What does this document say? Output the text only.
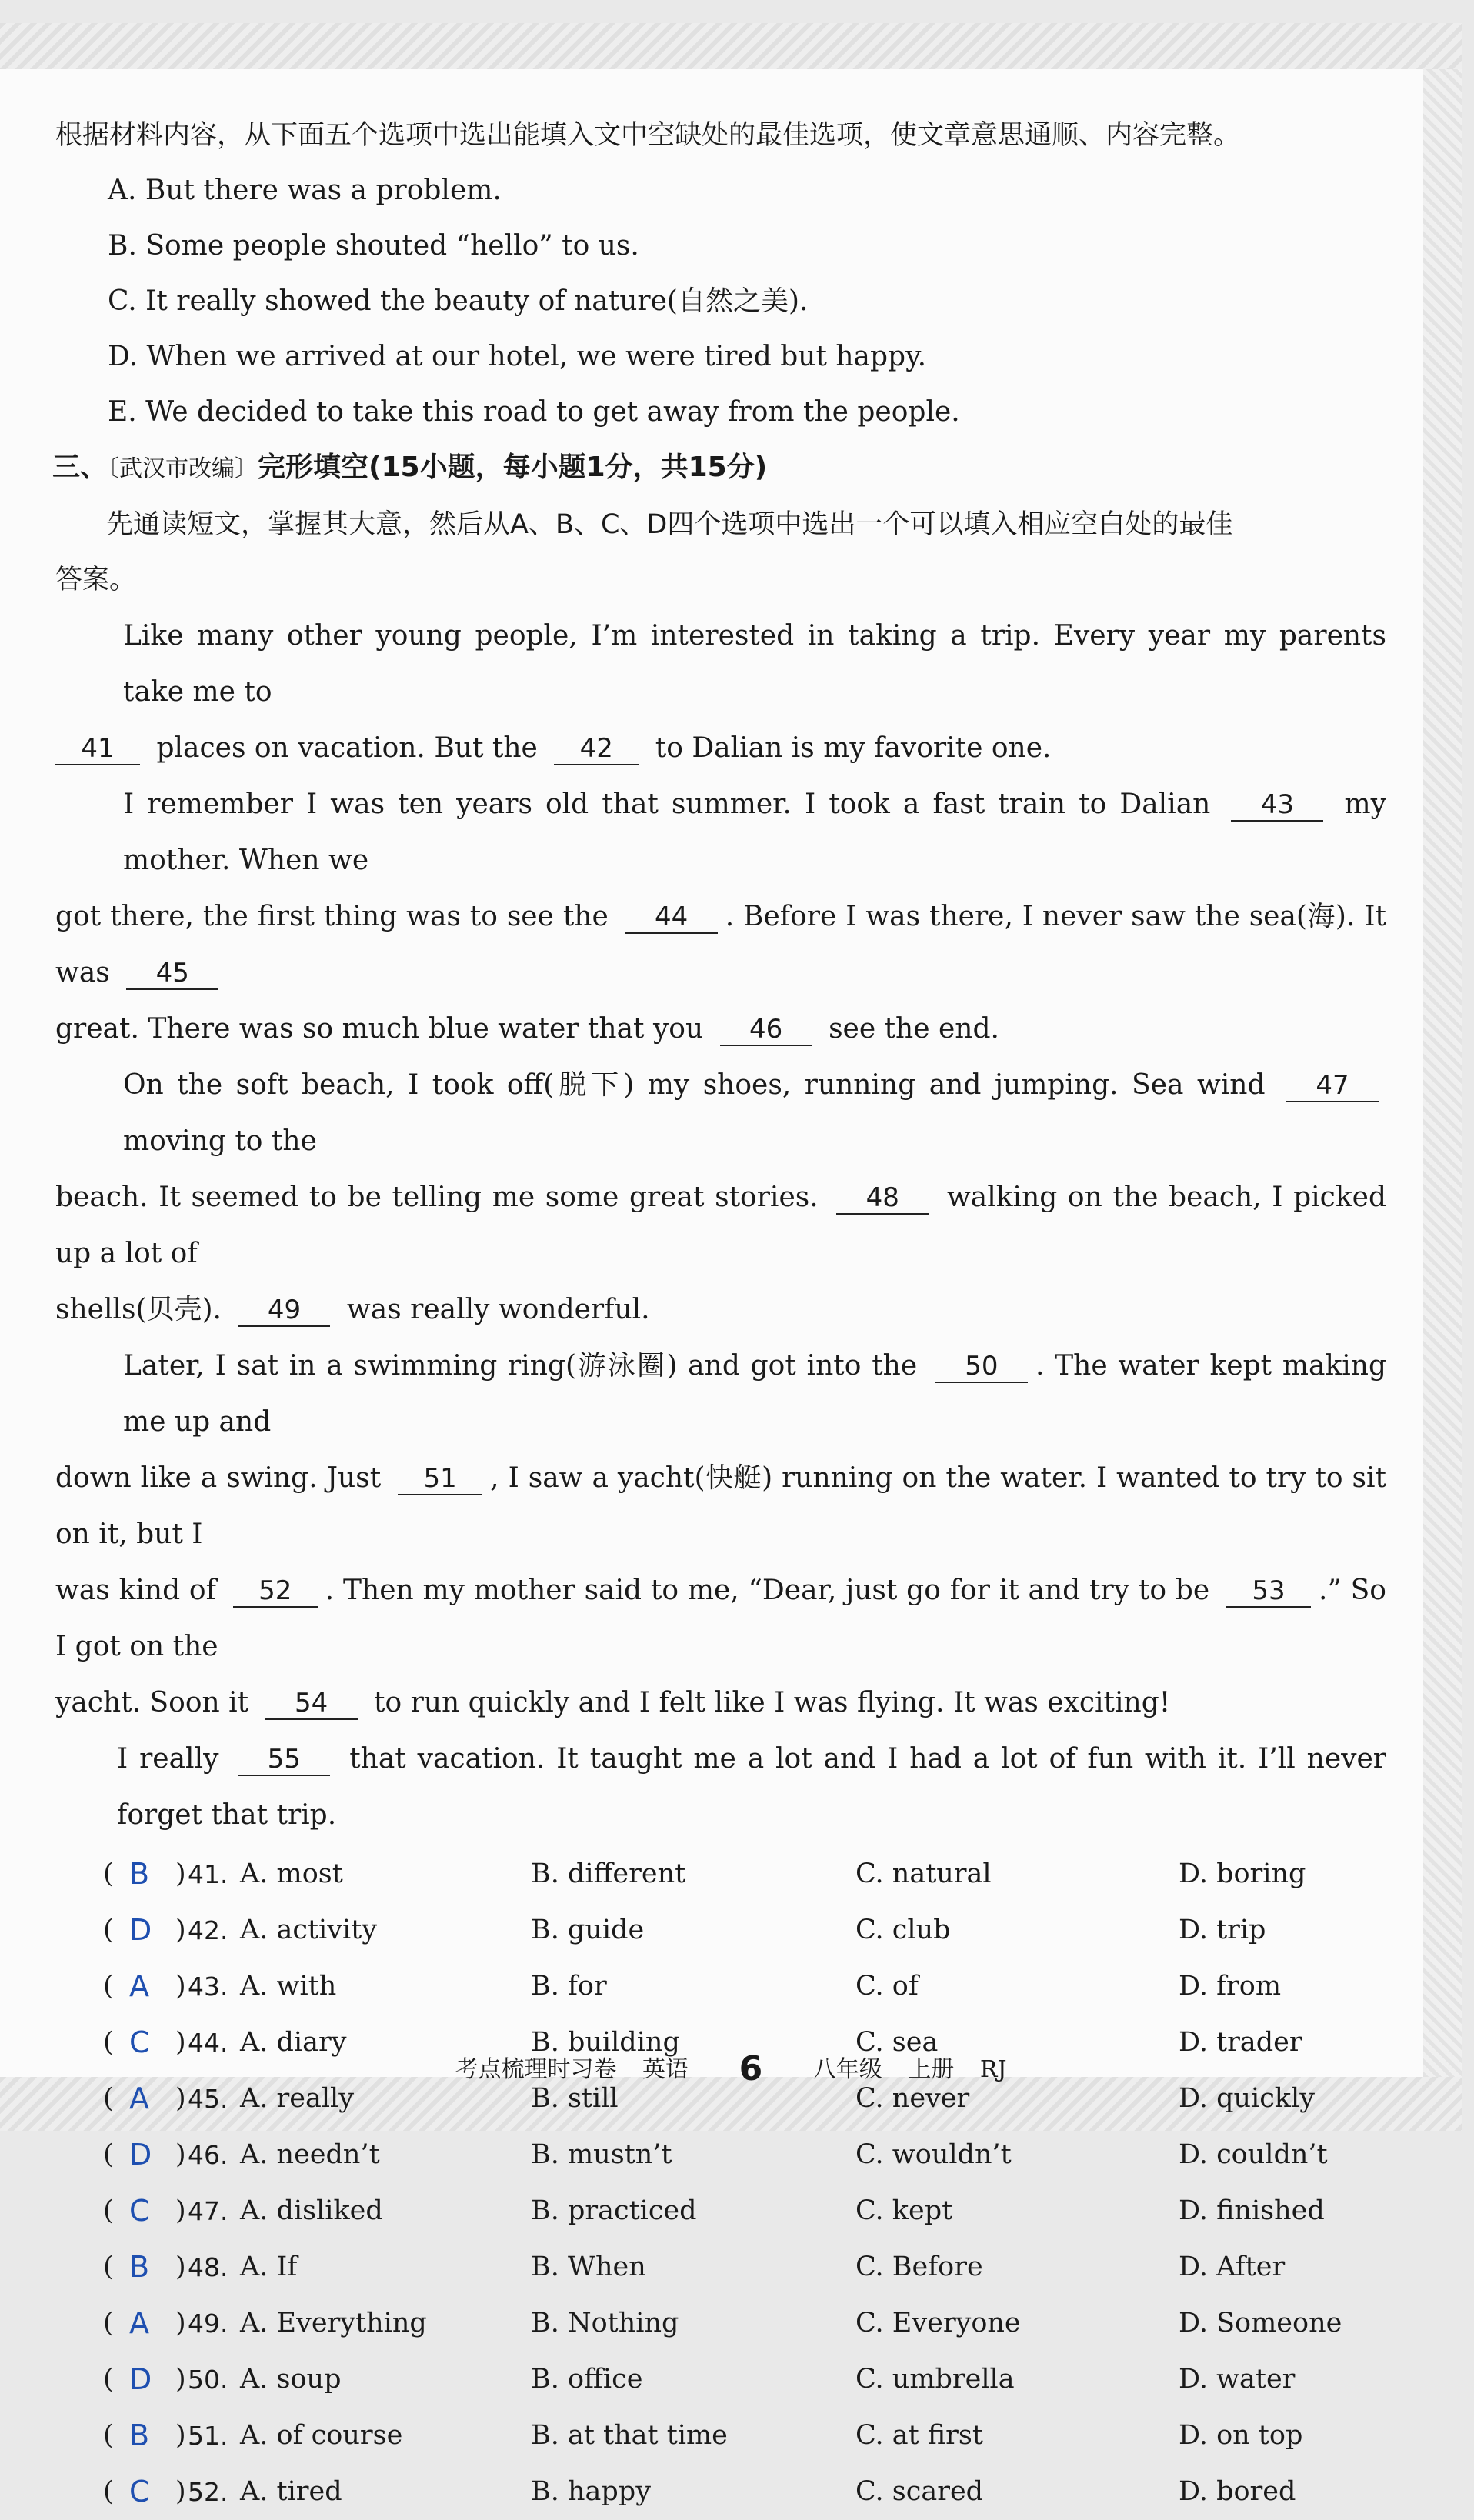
根据材料内容，从下面五个选项中选出能填入文中空缺处的最佳选项，使文章意思通顺、内容完整。
A. But there was a problem.
B. Some people shouted “hello” to us.
C. It really showed the beauty of nature(自然之美).
D. When we arrived at our hotel, we were tired but happy.
E. We decided to take this road to get away from the people.
三、〔武汉市改编〕完形填空(15小题，每小题1分，共15分)
先通读短文，掌握其大意，然后从A、B、C、D四个选项中选出一个可以填入相应空白处的最佳
答案。
Like many other young people, I’m interested in taking a trip. Every year my parents take me to
41 places on vacation. But the 42 to Dalian is my favorite one.
I remember I was ten years old that summer. I took a fast train to Dalian 43 my mother. When we
got there, the first thing was to see the 44 . Before I was there, I never saw the sea(海). It was 45
great. There was so much blue water that you 46 see the end.
On the soft beach, I took off(脱下) my shoes, running and jumping. Sea wind 47 moving to the
beach. It seemed to be telling me some great stories. 48 walking on the beach, I picked up a lot of
shells(贝壳). 49 was really wonderful.
Later, I sat in a swimming ring(游泳圈) and got into the 50 . The water kept making me up and
down like a swing. Just 51 , I saw a yacht(快艇) running on the water. I wanted to try to sit on it, but I
was kind of 52 . Then my mother said to me, “Dear, just go for it and try to be 53 .” So I got on the
yacht. Soon it 54 to run quickly and I felt like I was flying. It was exciting!
I really 55 that vacation. It taught me a lot and I had a lot of fun with it. I’ll never forget that trip.
( B ) 41. A. most	B. different	C. natural	D. boring
( D ) 42. A. activity	B. guide	C. club	D. trip
( A ) 43. A. with	B. for	C. of	D. from
( C ) 44. A. diary	B. building	C. sea	D. trader
( A ) 45. A. really	B. still	C. never	D. quickly
( D ) 46. A. needn’t	B. mustn’t	C. wouldn’t	D. couldn’t
( C ) 47. A. disliked	B. practiced	C. kept	D. finished
( B ) 48. A. If	B. When	C. Before	D. After
( A ) 49. A. Everything	B. Nothing	C. Everyone	D. Someone
( D ) 50. A. soup	B. office	C. umbrella	D. water
( B ) 51. A. of course	B. at that time	C. at first	D. on top
( C ) 52. A. tired	B. happy	C. scared	D. bored
考点梳理时习卷 英语 6 八年级 上册 RJ
